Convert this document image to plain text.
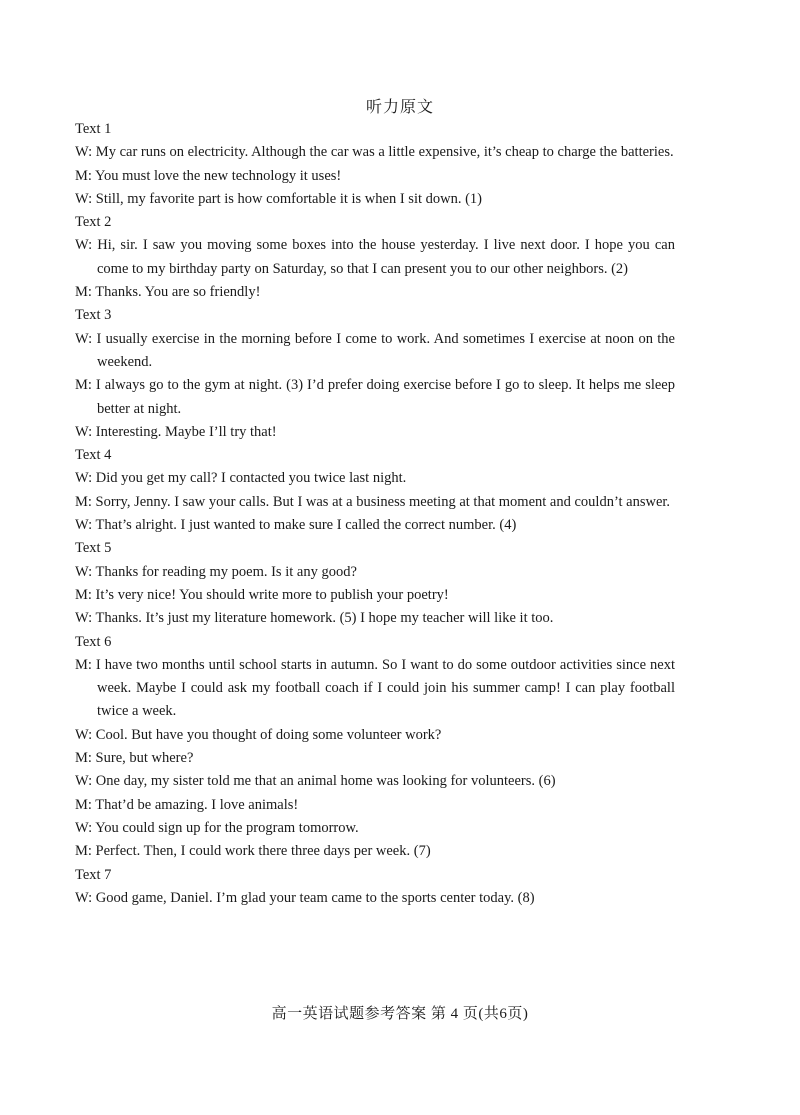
听力原文
Text 1
W: My car runs on electricity. Although the car was a little expensive, it’s cheap to charge the batteries.
M: You must love the new technology it uses!
W: Still, my favorite part is how comfortable it is when I sit down. (1)
Text 2
W: Hi, sir. I saw you moving some boxes into the house yesterday. I live next door. I hope you can come to my birthday party on Saturday, so that I can present you to our other neighbors. (2)
M: Thanks. You are so friendly!
Text 3
W: I usually exercise in the morning before I come to work. And sometimes I exercise at noon on the weekend.
M: I always go to the gym at night. (3) I’d prefer doing exercise before I go to sleep. It helps me sleep better at night.
W: Interesting. Maybe I’ll try that!
Text 4
W: Did you get my call? I contacted you twice last night.
M: Sorry, Jenny. I saw your calls. But I was at a business meeting at that moment and couldn’t answer.
W: That’s alright. I just wanted to make sure I called the correct number. (4)
Text 5
W: Thanks for reading my poem. Is it any good?
M: It’s very nice! You should write more to publish your poetry!
W: Thanks. It’s just my literature homework. (5) I hope my teacher will like it too.
Text 6
M: I have two months until school starts in autumn. So I want to do some outdoor activities since next week. Maybe I could ask my football coach if I could join his summer camp! I can play football twice a week.
W: Cool. But have you thought of doing some volunteer work?
M: Sure, but where?
W: One day, my sister told me that an animal home was looking for volunteers. (6)
M: That’d be amazing. I love animals!
W: You could sign up for the program tomorrow.
M: Perfect. Then, I could work there three days per week. (7)
Text 7
W: Good game, Daniel. I’m glad your team came to the sports center today. (8)
高一英语试题参考答案 第 4 页(共6页)
